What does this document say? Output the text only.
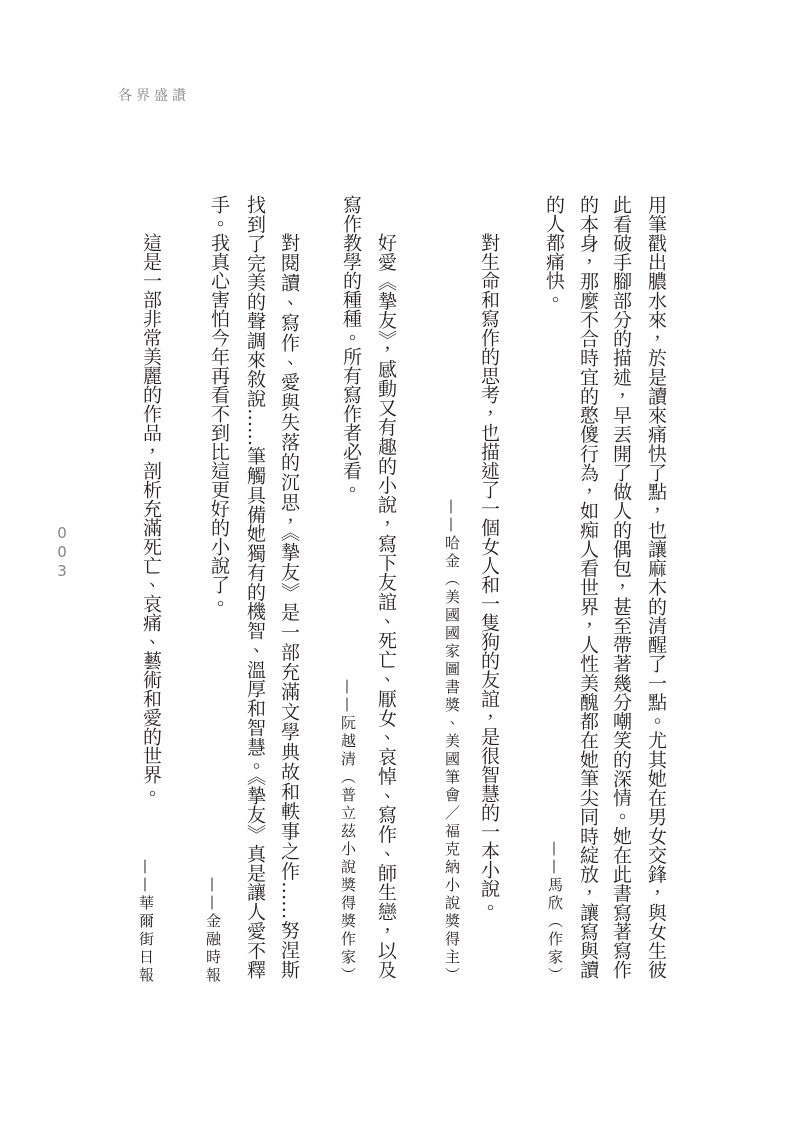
各界盛讚
003	用筆戳出膿水來，於是讀來痛快了點，也讓麻木的清醒了一點。尤其她在男女交鋒，與女生彼
此看破手腳部分的描述，早丟開了做人的偶包，甚至帶著幾分嘲笑的深情。她在此書寫著寫作
的本身，那麼不合時宜的憨傻行為，如痴人看世界，人性美醜都在她筆尖同時綻放，讓寫與讀
的人都痛快。
——馬欣（作家）
對生命和寫作的思考，也描述了一個女人和一隻狗的友誼，是很智慧的一本小說。
——哈金（美國國家圖書獎、美國筆會／福克納小說獎得主）
好愛《摯友》，感動又有趣的小說，寫下友誼、死亡、厭女、哀悼、寫作、師生戀，以及
寫作教學的種種。所有寫作者必看。
——阮越清（普立茲小說獎得獎作家）
對閱讀、寫作、愛與失落的沉思，《摯友》是一部充滿文學典故和軼事之作……努涅斯
找到了完美的聲調來敘說……筆觸具備她獨有的機智、溫厚和智慧。《摯友》真是讓人愛不釋
手。我真心害怕今年再看不到比這更好的小說了。
——金融時報
這是一部非常美麗的作品，剖析充滿死亡、哀痛、藝術和愛的世界。
——華爾街日報
